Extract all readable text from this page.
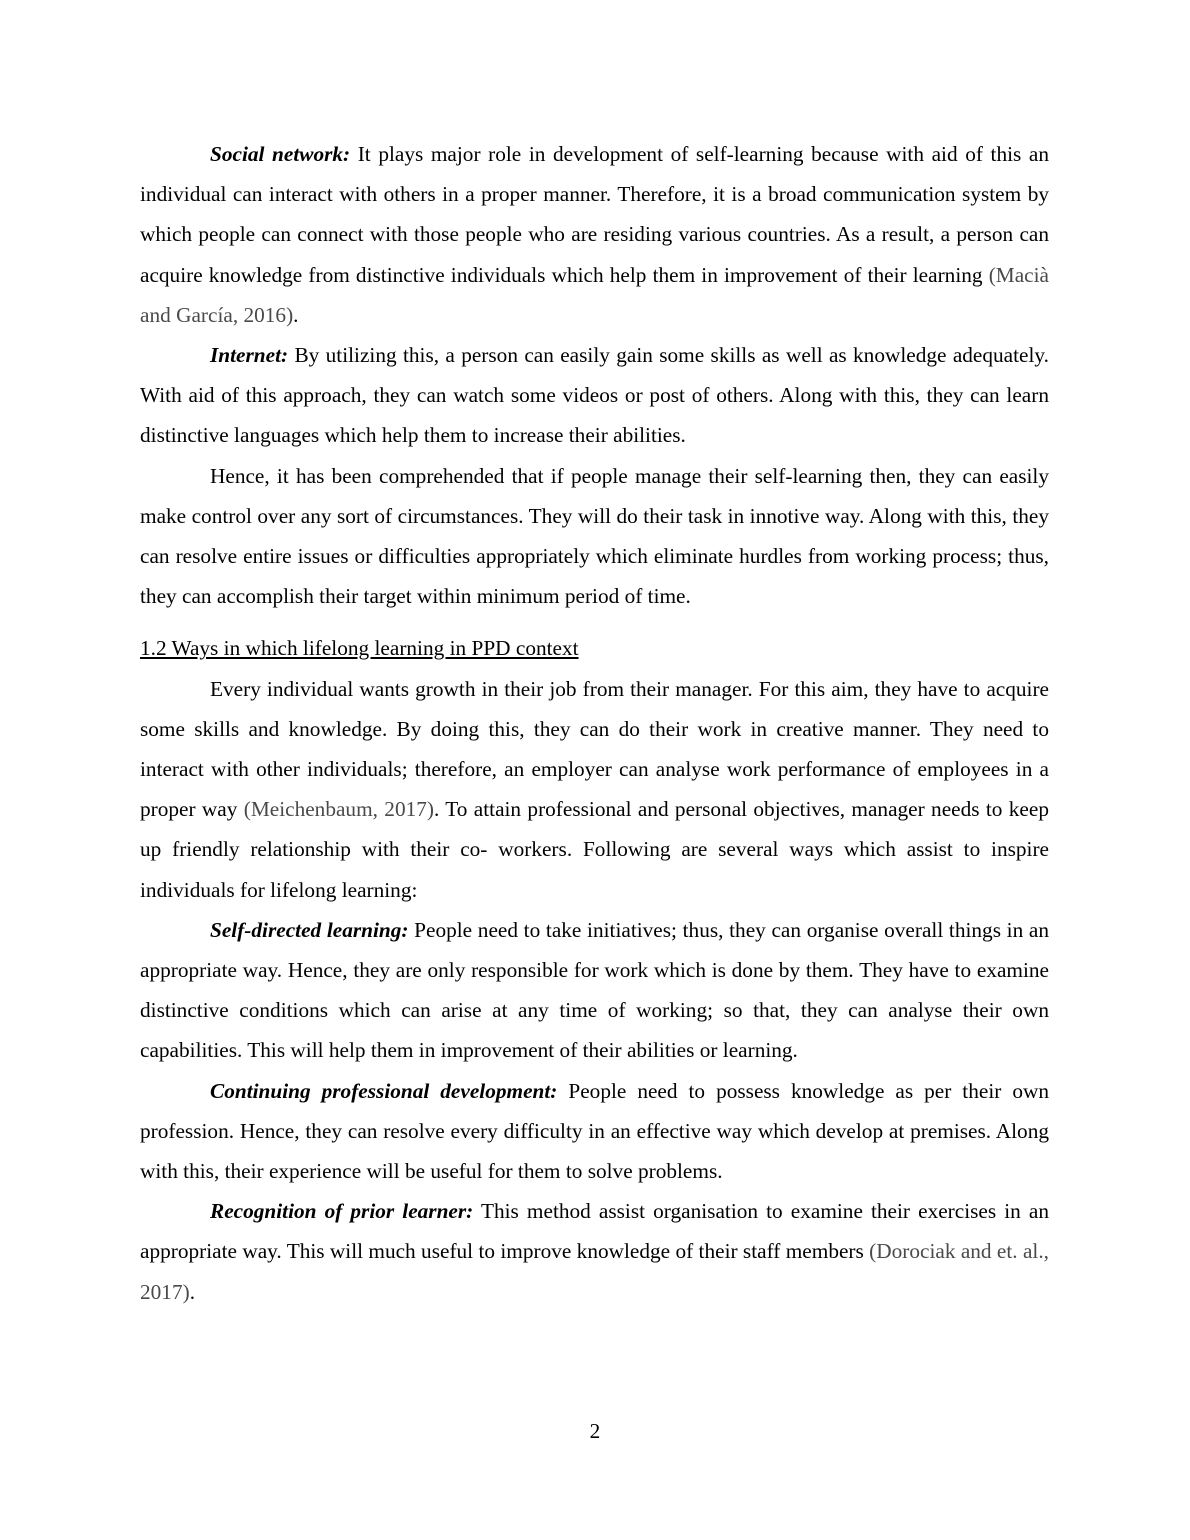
Social network: It plays major role in development of self-learning because with aid of this an individual can interact with others in a proper manner. Therefore, it is a broad communication system by which people can connect with those people who are residing various countries. As a result, a person can acquire knowledge from distinctive individuals which help them in improvement of their learning (Macià and García, 2016).

Internet: By utilizing this, a person can easily gain some skills as well as knowledge adequately. With aid of this approach, they can watch some videos or post of others. Along with this, they can learn distinctive languages which help them to increase their abilities.

Hence, it has been comprehended that if people manage their self-learning then, they can easily make control over any sort of circumstances. They will do their task in innotive way. Along with this, they can resolve entire issues or difficulties appropriately which eliminate hurdles from working process; thus, they can accomplish their target within minimum period of time.

1.2 Ways in which lifelong learning in PPD context

Every individual wants growth in their job from their manager. For this aim, they have to acquire some skills and knowledge. By doing this, they can do their work in creative manner. They need to interact with other individuals; therefore, an employer can analyse work performance of employees in a proper way (Meichenbaum, 2017). To attain professional and personal objectives, manager needs to keep up friendly relationship with their co- workers. Following are several ways which assist to inspire individuals for lifelong learning:

Self-directed learning: People need to take initiatives; thus, they can organise overall things in an appropriate way. Hence, they are only responsible for work which is done by them. They have to examine distinctive conditions which can arise at any time of working; so that, they can analyse their own capabilities. This will help them in improvement of their abilities or learning.

Continuing professional development: People need to possess knowledge as per their own profession. Hence, they can resolve every difficulty in an effective way which develop at premises. Along with this, their experience will be useful for them to solve problems.

Recognition of prior learner: This method assist organisation to examine their exercises in an appropriate way. This will much useful to improve knowledge of their staff members (Dorociak and et. al., 2017).

2
